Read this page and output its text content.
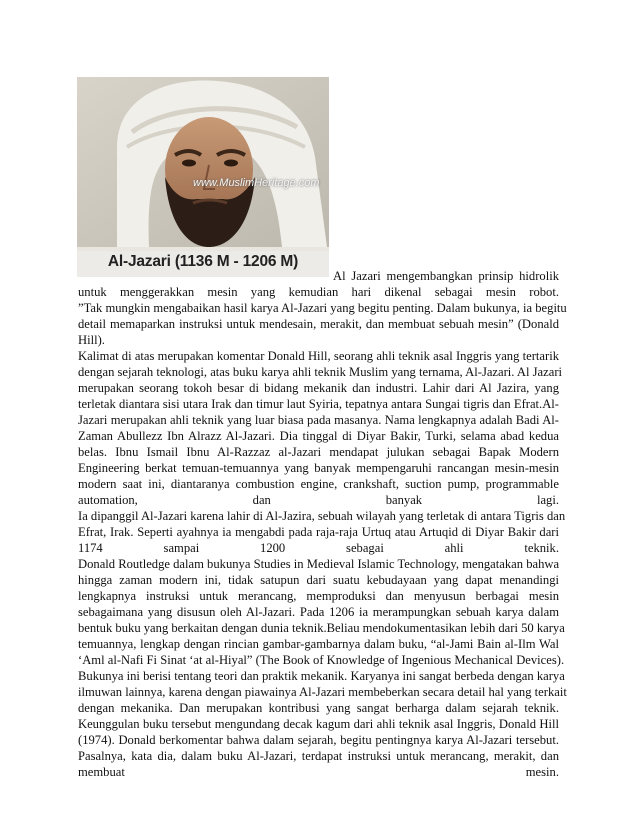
www.MuslimHeritage.com
Al-Jazari (1136 M - 1206 M)
Al Jazari mengembangkan prinsip hidrolik
untuk menggerakkan mesin yang kemudian hari dikenal sebagai mesin robot.
”Tak mungkin mengabaikan hasil karya Al-Jazari yang begitu penting. Dalam bukunya, ia begitu
detail memaparkan instruksi untuk mendesain, merakit, dan membuat sebuah mesin” (Donald
Hill).
Kalimat di atas merupakan komentar Donald Hill, seorang ahli teknik asal Inggris yang tertarik
dengan sejarah teknologi, atas buku karya ahli teknik Muslim yang ternama, Al-Jazari. Al Jazari
merupakan seorang tokoh besar di bidang mekanik dan industri. Lahir dari Al Jazira, yang
terletak diantara sisi utara Irak dan timur laut Syiria, tepatnya antara Sungai tigris dan Efrat.Al-
Jazari merupakan ahli teknik yang luar biasa pada masanya. Nama lengkapnya adalah Badi Al-
Zaman Abullezz Ibn Alrazz Al-Jazari. Dia tinggal di Diyar Bakir, Turki, selama abad kedua
belas. Ibnu Ismail Ibnu Al-Razzaz al-Jazari mendapat julukan sebagai Bapak Modern
Engineering berkat temuan-temuannya yang banyak mempengaruhi rancangan mesin-mesin
modern saat ini, diantaranya combustion engine, crankshaft, suction pump, programmable
automation, dan banyak lagi.
Ia dipanggil Al-Jazari karena lahir di Al-Jazira, sebuah wilayah yang terletak di antara Tigris dan
Efrat, Irak. Seperti ayahnya ia mengabdi pada raja-raja Urtuq atau Artuqid di Diyar Bakir dari
1174 sampai 1200 sebagai ahli teknik.
Donald Routledge dalam bukunya Studies in Medieval Islamic Technology, mengatakan bahwa
hingga zaman modern ini, tidak satupun dari suatu kebudayaan yang dapat menandingi
lengkapnya instruksi untuk merancang, memproduksi dan menyusun berbagai mesin
sebagaimana yang disusun oleh Al-Jazari. Pada 1206 ia merampungkan sebuah karya dalam
bentuk buku yang berkaitan dengan dunia teknik.Beliau mendokumentasikan lebih dari 50 karya
temuannya, lengkap dengan rincian gambar-gambarnya dalam buku, “al-Jami Bain al-Ilm Wal
‘Aml al-Nafi Fi Sinat ‘at al-Hiyal” (The Book of Knowledge of Ingenious Mechanical Devices).
Bukunya ini berisi tentang teori dan praktik mekanik. Karyanya ini sangat berbeda dengan karya
ilmuwan lainnya, karena dengan piawainya Al-Jazari membeberkan secara detail hal yang terkait
dengan mekanika. Dan merupakan kontribusi yang sangat berharga dalam sejarah teknik.
Keunggulan buku tersebut mengundang decak kagum dari ahli teknik asal Inggris, Donald Hill
(1974). Donald berkomentar bahwa dalam sejarah, begitu pentingnya karya Al-Jazari tersebut.
Pasalnya, kata dia, dalam buku Al-Jazari, terdapat instruksi untuk merancang, merakit, dan
membuat mesin.
